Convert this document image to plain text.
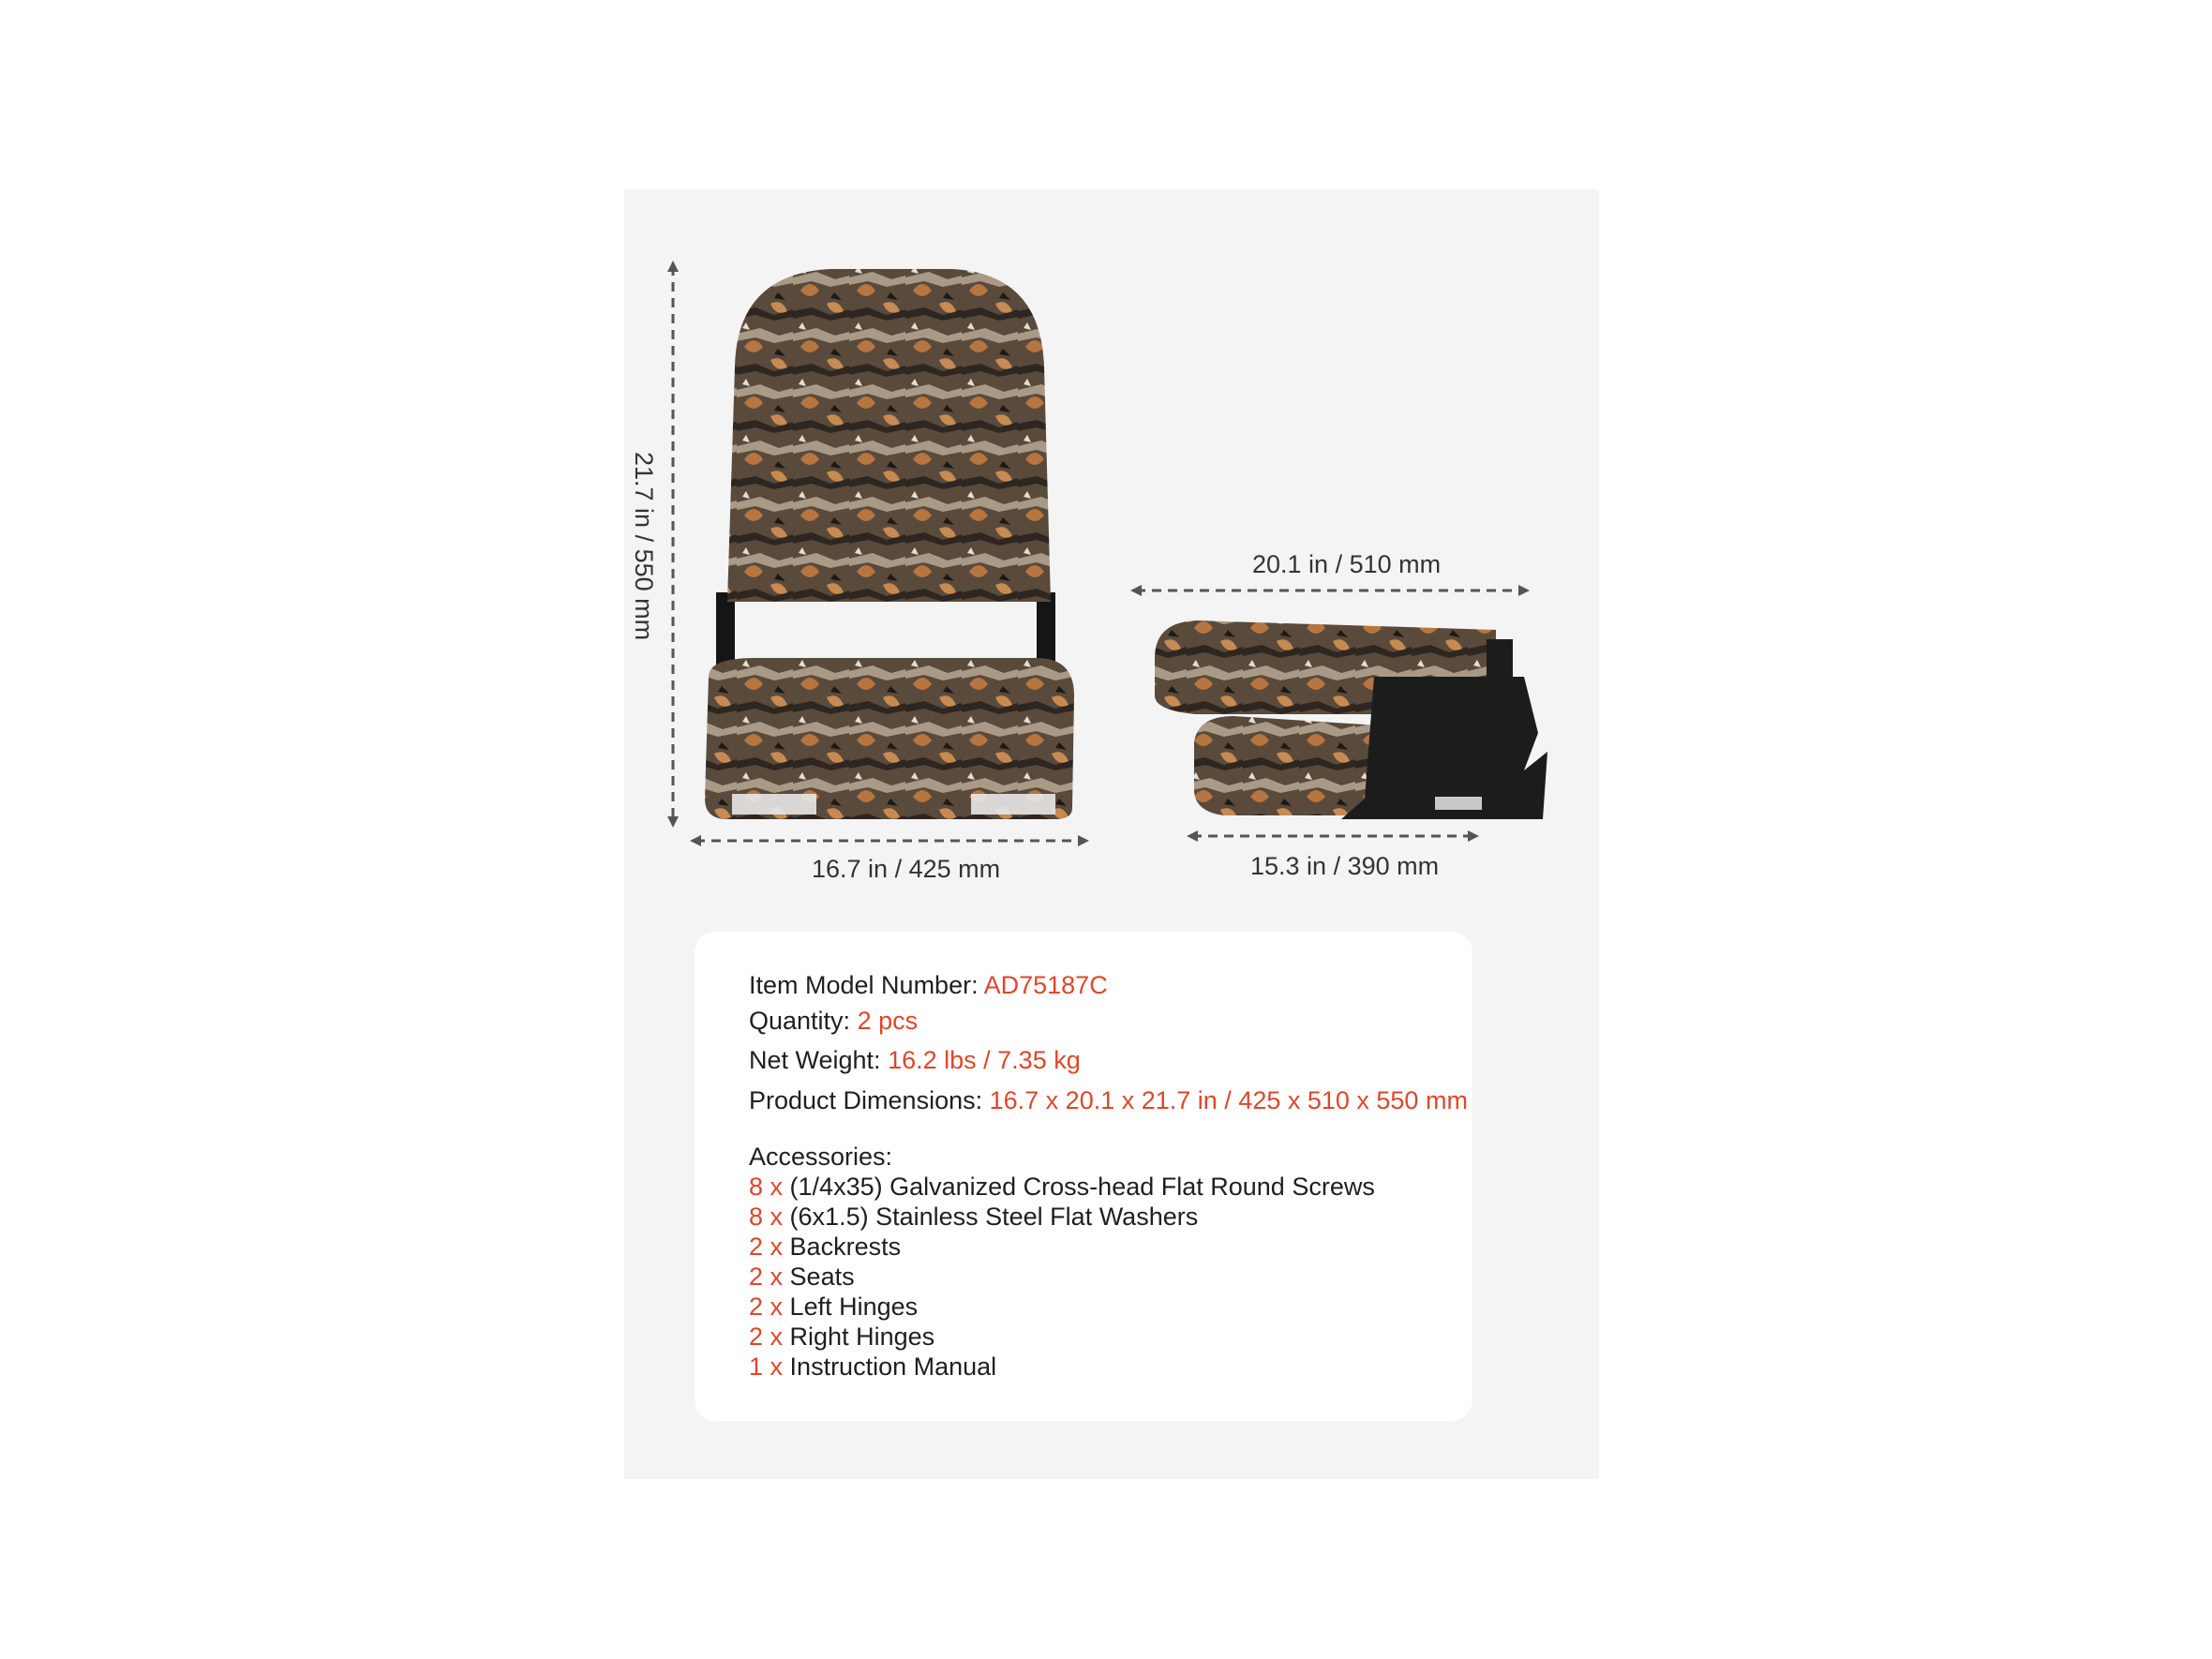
21.7 in / 550 mm
16.7 in / 425 mm
20.1 in / 510 mm
15.3 in / 390 mm
Item Model Number: AD75187C
Quantity: 2 pcs
Net Weight: 16.2 lbs / 7.35 kg
Product Dimensions: 16.7 x 20.1 x 21.7 in / 425 x 510 x 550 mm
Accessories:
8 x (1/4x35) Galvanized Cross-head Flat Round Screws
8 x (6x1.5) Stainless Steel Flat Washers
2 x Backrests
2 x Seats
2 x Left Hinges
2 x Right Hinges
1 x Instruction Manual
